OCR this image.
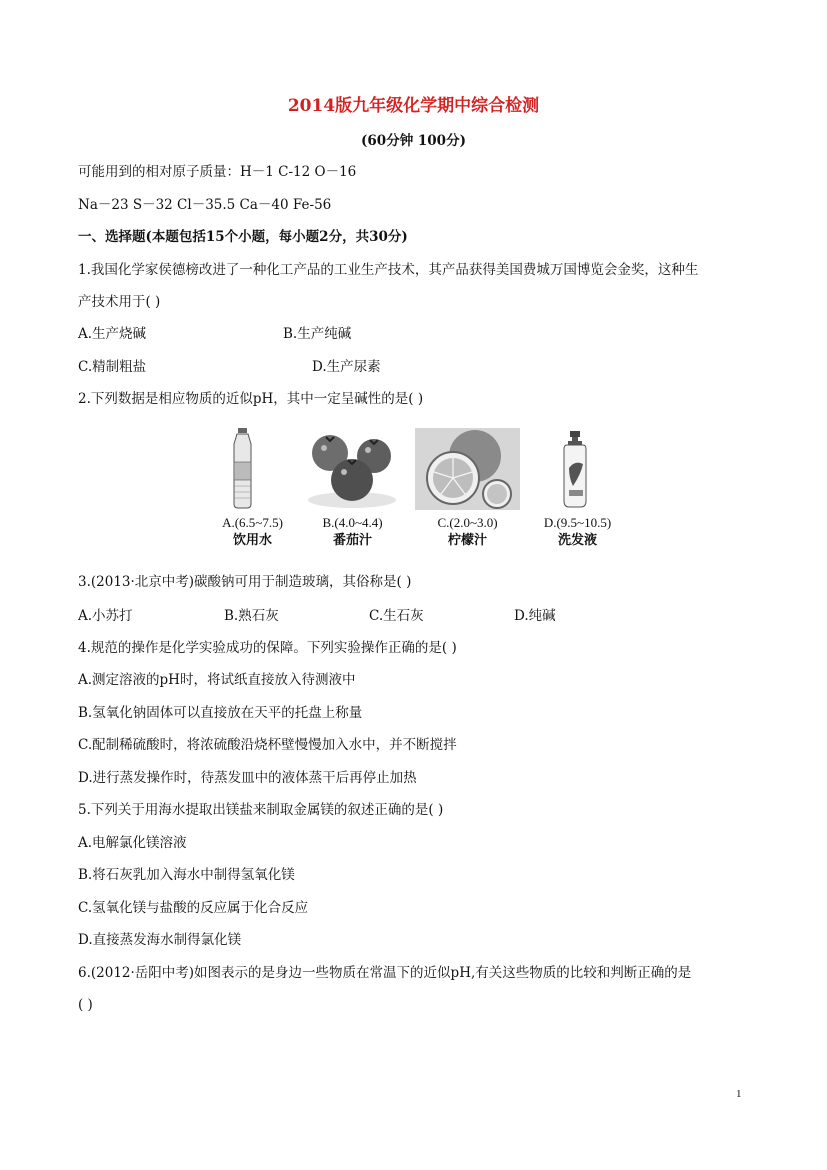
2014版九年级化学期中综合检测
(60分钟 100分)
可能用到的相对原子质量：H－1 C-12 O－16
Na－23 S－32 Cl－35.5 Ca－40 Fe-56
一、选择题(本题包括15个小题，每小题2分，共30分)
1.我国化学家侯德榜改进了一种化工产品的工业生产技术，其产品获得美国费城万国博览会金奖，这种生
产技术用于( )
A.生产烧碱	B.生产纯碱
C.精制粗盐	D.生产尿素
2.下列数据是相应物质的近似pH，其中一定呈碱性的是( )
A.(6.5~7.5)
饮用水
B.(4.0~4.4)
番茄汁
C.(2.0~3.0)
柠檬汁
D.(9.5~10.5)
洗发液
3.(2013·北京中考)碳酸钠可用于制造玻璃，其俗称是( )
A.小苏打	B.熟石灰	C.生石灰	D.纯碱
4.规范的操作是化学实验成功的保障。下列实验操作正确的是( )
A.测定溶液的pH时，将试纸直接放入待测液中
B.氢氧化钠固体可以直接放在天平的托盘上称量
C.配制稀硫酸时，将浓硫酸沿烧杯壁慢慢加入水中，并不断搅拌
D.进行蒸发操作时，待蒸发皿中的液体蒸干后再停止加热
5.下列关于用海水提取出镁盐来制取金属镁的叙述正确的是( )
A.电解氯化镁溶液
B.将石灰乳加入海水中制得氢氧化镁
C.氢氧化镁与盐酸的反应属于化合反应
D.直接蒸发海水制得氯化镁
6.(2012·岳阳中考)如图表示的是身边一些物质在常温下的近似pH,有关这些物质的比较和判断正确的是
( )
1
